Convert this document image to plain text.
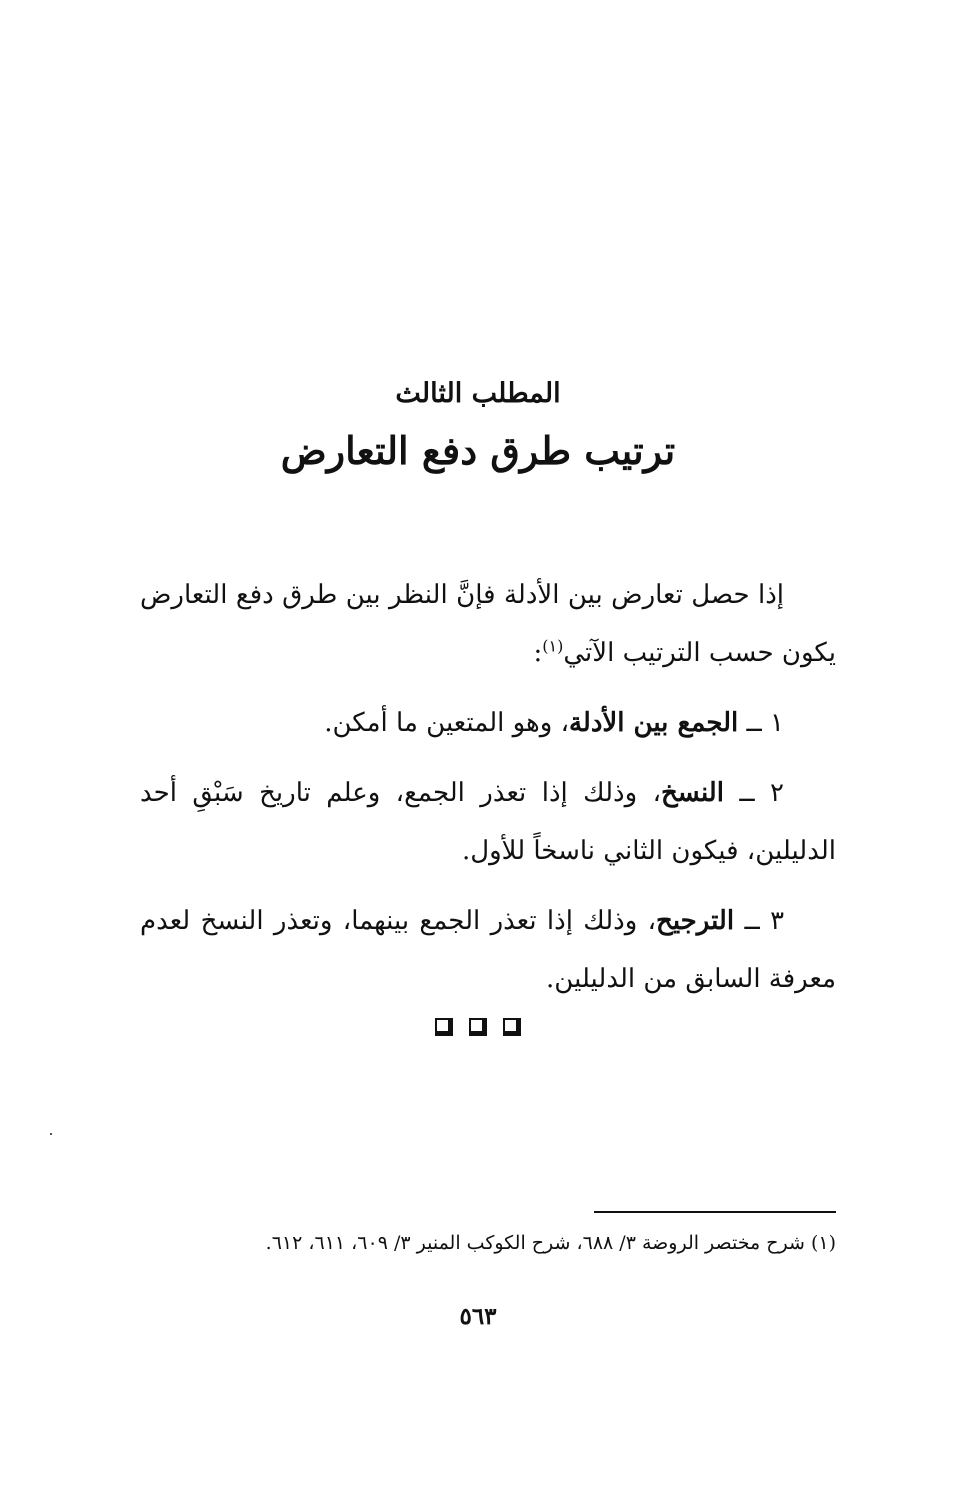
المطلب الثالث
ترتيب طرق دفع التعارض

إذا حصل تعارض بين الأدلة فإنَّ النظر بين طرق دفع التعارض يكون حسب الترتيب الآتي$^{(١)}$:

١ ــ الجمع بين الأدلة، وهو المتعين ما أمكن.

٢ ــ النسخ، وذلك إذا تعذر الجمع، وعلم تاريخ سَبْقِ أحد الدليلين، فيكون الثاني ناسخاً للأول.

٣ ــ الترجيح، وذلك إذا تعذر الجمع بينهما، وتعذر النسخ لعدم معرفة السابق من الدليلين.

(١) شرح مختصر الروضة ٣/ ٦٨٨، شرح الكوكب المنير ٣/ ٦٠٩، ٦١١، ٦١٢.
٥٦٣
